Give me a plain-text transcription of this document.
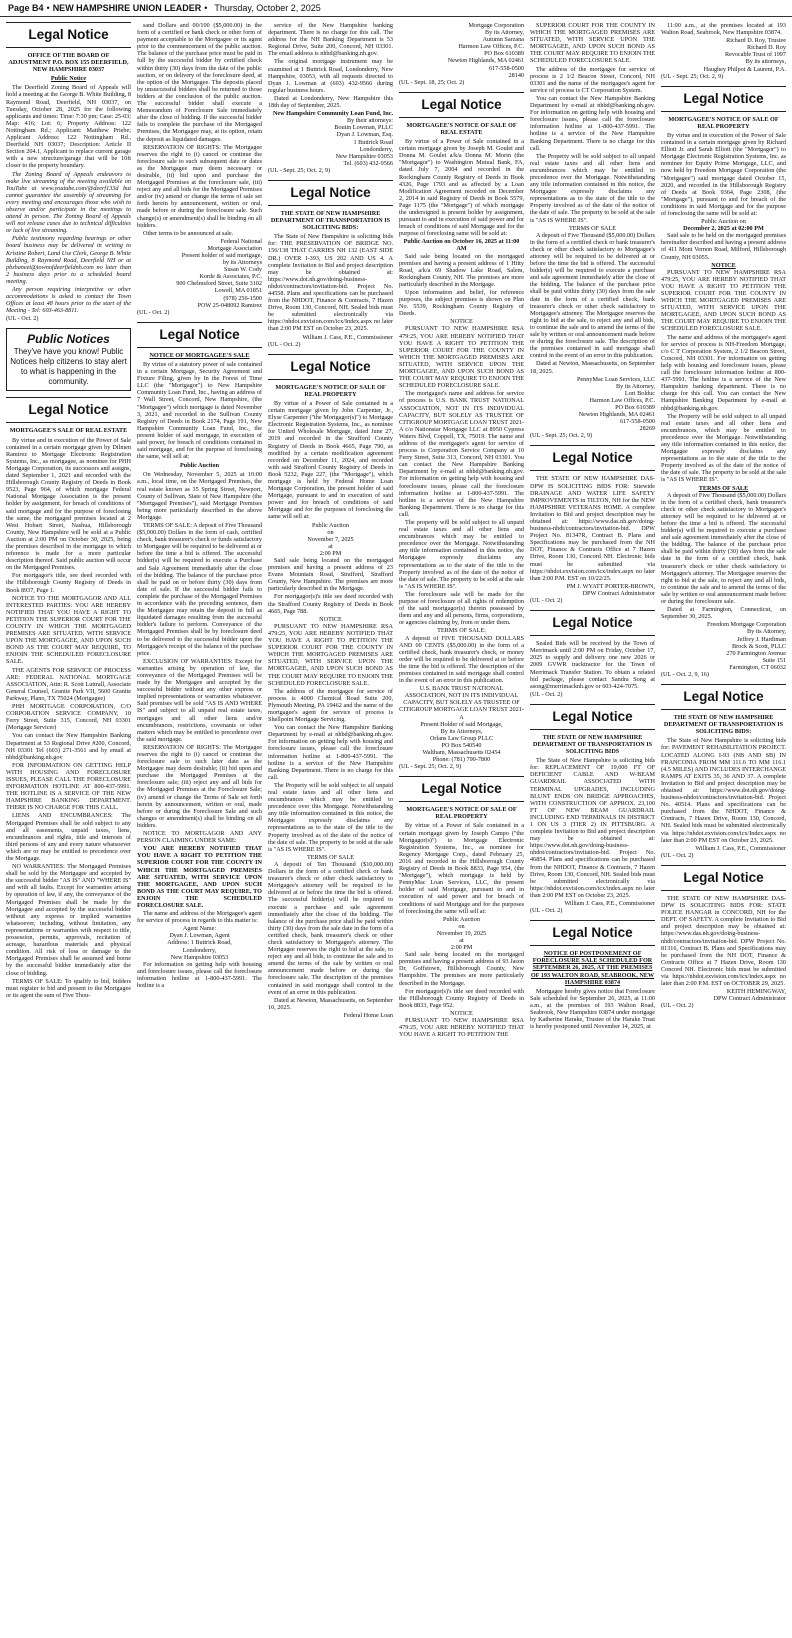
Page B4 • NEW HAMPSHIRE UNION LEADER • Thursday, October 2, 2025
Legal Notice
OFFICE OF THE BOARD OF ADJUSTMENT P.O. BOX 155 DEERFIELD, NEW HAMPSHIRE 03037
Public Notice

The Deerfield Zoning Board of Appeals will hold a meeting at the George B. White Building, 8 Raymond Road, Deerfield, NH 03037, on Tuesday, October 28, 2025 for the following applicants and times: Time: 7:30 pm; Case: 25-03; Map: 416; Lot: 6; Property Address: 122 Nottingham Rd.; Applicant: Matthew Priebe; Applicant Address: 122 Nottingham Rd., Deerfield NH 03037; Description: Article II Section 204.1, Applicant to replace current garage with a new structure/garage that will be 10ft closer to the property boundary.

The Zoning Board of Appeals endeavors to make live streaming of the meeting available on YouTube at www.youtube.com/@deerf133d but cannot guarantee the assembly of streaming for every meeting and encourages those who wish to observe and/or participate in the meetings to attend in person. The Zoning Board of Appeals will not release cases due to technical difficulties or lack of live streaming.

Public testimony regarding hearings or other board business may be delivered in writing to Kristine Robert, Land Use Clerk, George B. White Building, 8 Raymond Road, Deerfield NH or at pbzhaneet@townofdeerfieldnh.com no later than 2 business days prior to a scheduled board meeting.

Any person requiring interpretive or other accommodations is asked to contact the Town Offices at least 48 hours prior to the start of the Meeting - Tel: 603-463-8811.

(UL - Oct. 2)
Public Notices
They've have you know! Public Notices help citizens to stay alert to what is happening in the community.
Legal Notice
MORTGAGEE'S SALE OF REAL ESTATE

By virtue and in execution of the Power of Sale contained in a certain mortgage given by Dilmen Ramirez to Mortgage Electronic Registration Systems, Inc., as mortgagee, as nominee for PHH Mortgage Corporation, its successors and assigns, dated September 1, 2021 and recorded with the Hillsborough County Registry of Deeds in Book 9523, Page 964, of which mortgage Federal National Mortgage Association is the present holder by assignment, for breach of conditions of said mortgage and for the purpose of foreclosing the same, the mortgaged premises located at 2 West Hobart Street, Nashua, Hillsborough County, New Hampshire will be sold at a Public Auction at 2:00 PM on October 30, 2025, being the premises described in the mortgage to which reference is made for a more particular description thereof. Said public auction will occur on the Mortgaged Premises.

For mortgagor's title, see deed recorded with the Hillsborough County Registry of Deeds in Book 8937, Page 1.

NOTICE TO THE MORTGAGOR AND ALL INTERESTED PARTIES: YOU ARE HEREBY NOTIFIED THAT YOU HAVE A RIGHT TO PETITION THE SUPERIOR COURT FOR THE COUNTY IN WHICH THE MORTGAGED PREMISES ARE SITUATED, WITH SERVICE UPON THE MORTGAGEE, AND UPON SUCH BOND AS THE COURT MAY REQUIRE, TO ENJOIN THE SCHEDULED FORECLOSURE SALE.

THE AGENTS FOR SERVICE OF PROCESS ARE: FEDERAL NATIONAL MORTGAGE ASSOCIATION, Attn: R. Scott Luttrall, Associate General Counsel, Granite Park VII, 5600 Granite Parkway, Plano, TX 75024 (Mortgagee)

PHH MORTGAGE CORPORATION, C/O CORPORATION SERVICE COMPANY, 10 Ferry Street, Suite 315, Concord, NH 03301 (Mortgage Servicer)

You can contact the New Hampshire Banking Department at 53 Regional Drive #200, Concord, NH 03301 Tel (603) 271-3561 and by email at nhbd@banking.nh.gov

FOR INFORMATION ON GETTING HELP WITH HOUSING AND FORECLOSURE ISSUES, PLEASE CALL THE FORECLOSURE INFORMATION HOTLINE AT 800-437-5991. THE HOTLINE IS A SERVICE OF THE NEW HAMPSHIRE BANKING DEPARTMENT. THERE IS NO CHARGE FOR THIS CALL.

LIENS AND ENCUMBRANCES: The Mortgaged Premises shall be sold subject to any and all easements, unpaid taxes, liens, encumbrances and rights, title and interests of third persons of any and every nature whatsoever which are or may be entitled to precedence over the Mortgage.

NO WARRANTIES: The Mortgaged Premises shall be sold by the Mortgagee and accepted by the successful bidder "AS IS" AND "WHERE IS" and with all faults. Except for warranties arising by operation of law, if any, the conveyance of the Mortgaged Premises shall be made by the Mortgagee and accepted by the successful bidder without any express or implied warranties whatsoever, including, without limitation, any representations or warranties with respect to title, possession, permits, approvals, recitation of acreage, hazardous materials and physical condition. All risk of loss or damage to the Mortgaged Premises shall be assumed and borne by the successful bidder immediately after the close of bidding.

TERMS OF SALE: To qualify to bid, bidders must register to bid and present to the Mortgagee or its agent the sum of Five Thou-

sand Dollars and 00/100 ($5,000.00) in the form of a certified or bank check or other form of payment acceptable to the Mortgagee or its agent prior to the commencement of the public auction. The balance of the purchase price must be paid in full by the successful bidder by certified check within thirty (30) days from the date of the public auction, or on delivery of the foreclosure deed, at the option of the Mortgagee. The deposits placed by unsuccessful bidders shall be returned to those bidders at the conclusion of the public auction. The successful bidder shall execute a Memorandum of Foreclosure Sale immediately after the close of bidding. If the successful bidder fails to complete the purchase of the Mortgaged Premises, the Mortgagee may, at its option, retain the deposit as liquidated damages.

RESERVATION OF RIGHTS: The Mortgagee reserves the right to (i) cancel or continue the foreclosure sale to such subsequent date or dates as the Mortgagee may deem necessary or desirable, (ii) bid upon and purchase the Mortgaged Premises at the foreclosure sale, (iii) reject any and all bids for the Mortgaged Premises and/or (iv) amend or change the terms of sale set forth herein by announcement, written or oral, made before or during the foreclosure sale. Such change(s) or amendment(s) shall be binding on all bidders.

Other terms to be announced at sale.

Federal National
Mortgage Association
Present holder of said mortgage,
by its Attorneys
Susan W. Cody
Korde & Associates, P.C.
900 Chelmsford Street, Suite 3102
Lowell, MA 01851
(978) 256-1500
POW 25-048092 Ramirez
(UL - Oct. 2)
Legal Notice
NOTICE OF MORTGAGEE'S SALE

By virtue of a statutory power of sale contained in a certain Mortgage, Security Agreement and Fixture Filing, given by In the Forest of Time LLC (the "Mortgagor") to New Hampshire Community Loan Fund, Inc., having an address of 7 Wall Street, Concord, New Hampshire, (the "Mortgagee") which mortgage is dated November 3, 2021, and recorded in the Sullivan County Registry of Deeds in Book 2174, Page 191, New Hampshire Community Loan Fund, Inc., the present holder of said mortgage, in execution of said power, for breach of conditions contained in said mortgage, and for the purpose of foreclosing the same, will sell at:

Public Auction

On Wednesday, November 5, 2025 at 10:00 a.m., local time, on the Mortgaged Premises, the real estate known as 35 Spring Street, Newport, County of Sullivan, State of New Hampshire (the "Mortgaged Premises"), said Mortgage Premises being more particularly described in the above Mortgage.

TERMS OF SALE: A deposit of Five Thousand ($5,000.00) Dollars in the form of cash, certified check, bank treasurer's check or funds satisfactory to Mortgagee will be required to be delivered at or before the time a bid is offered. The successful bidder(s) will be required to execute a Purchase and Sale Agreement immediately after the close of the bidding. The balance of the purchase price shall be paid on or before thirty (30) days from date of sale. If the successful bidder fails to complete the purchase of the Mortgaged Premises in accordance with the preceding sentence, then the Mortgagee may retain the deposit in full as liquidated damages resulting from the successful bidder's failure to perform. Conveyance of the Mortgaged Premises shall be by foreclosure deed to be delivered to the successful bidder upon the Mortgagee's receipt of the balance of the purchase price.

EXCLUSION OF WARRANTIES: Except for warranties arising by operation of law, the conveyance of the Mortgaged Premises will be made by the Mortgagee and accepted by the successful bidder without any other express or implied representations or warranties whatsoever. Said premises will be sold "AS IS AND WHERE IS" and subject to all unpaid real estate taxes, mortgages and all other liens and/or encumbrances, restrictions, covenants or other matters which may be entitled to precedence over the said mortgage.

RESERVATION OF RIGHTS: The Mortgagee reserves the right to (i) cancel or continue the foreclosure sale to such later date as the Mortgagee may deem desirable; (ii) bid upon and purchase the Mortgaged Premises at the foreclosure sale; (iii) reject any and all bids for the Mortgaged Premises at the Foreclosure Sale; (iv) amend or change the Terms of Sale set forth herein by announcement, written or oral, made before or during the Foreclosure Sale and such changes or amendment(s) shall be binding on all bidders.

NOTICE TO MORTGAGOR AND ANY PERSON CLAIMING UNDER SAME:

YOU ARE HEREBY NOTIFIED THAT YOU HAVE A RIGHT TO PETITION THE SUPERIOR COURT FOR THE COUNTY IN WHICH THE MORTGAGED PREMISES ARE SITUATED, WITH SERVICE UPON THE MORTGAGEE, AND UPON SUCH BOND AS THE COURT MAY REQUIRE, TO ENJOIN THE SCHEDULED FORECLOSURE SALE.

The name and address of the Mortgagee's agent for service of process in regards to this matter is:

Agent Name:
Dyan J. Lowman, Agent
Address: 1 Buttrick Road,
Londonderry,
New Hampshire 03053

For information on getting help with housing and foreclosure issues, please call the foreclosure information hotline at 1-800-437-5991. The hotline is a

service of the New Hampshire banking department. There is no charge for this call. The address for the NH Banking Department is 53 Regional Drive, Suite 200, Concord, NH 03301. The email address is nhbd@banking.nh.gov.

The original mortgage instrument may be examined at 1 Buttrick Road, Londonderry, New Hampshire, 03053, with all requests directed to Dyan J. Lowman at (603) 432-9566 during regular business hours.

Dated at Londonderry, New Hampshire this 18th day of September, 2025.

New Hampshire Community Loan Fund, Inc.
By their attorneys:
Boutin Lowman, PLLC
Dyan J. Lowman, Esq.
1 Buttrick Road
Londonderry,
New Hampshire 03053
Tel. (603) 432-9566
(UL - Sept. 25; Oct. 2, 9)
Legal Notice
THE STATE OF NEW HAMPSHIRE DEPARTMENT OF TRANSPORTATION IS SOLICITING BIDS:

The State of New Hampshire is soliciting bids for: THE PRESERVATION OF BRIDGE NO. 156/138 THAT CARRIES NH 132 (EAST SIDE DR.) OVER I-393, US 202 AND US 4. A complete Invitation to Bid and project description may be obtained at: https://www.dot.nh.gov/doing-business-nhdot/contractors/invitation-bid. Project No. 44558. Plans and specifications can be purchased from the NHDOT, Finance & Contracts, 7 Hazen Drive, Room 130, Concord, NH. Sealed bids must be submitted electronically via https://nhdot.exvision.com/icx/Index.aspx no later than 2:00 PM EST on October 23, 2025.

William J. Cass, P.E., Commissioner
(UL - Oct. 2)
Legal Notice
MORTGAGEE'S NOTICE OF SALE OF REAL PROPERTY

By virtue of a Power of Sale contained in a certain mortgage given by John Carpenter, Jr., Elyse Carpenter ("the Mortgagor(s)") to Mortgage Electronic Registration Systems, Inc., as nominee for United Wholesale Mortgage, dated June 27, 2019 and recorded in the Strafford County Registry of Deeds in Book 4665, Page 790, as modified by a certain modification agreement recorded on December 11, 2024, and recorded with said Strafford County Registry of Deeds in Book 5232, Page 227, (the "Mortgage"), which mortgage is held by Federal Home Loan Mortgage Corporation, the present holder of said Mortgage, pursuant to and in execution of said power and for breach of conditions of said Mortgage and for the purposes of foreclosing the same will sell at:

Public Auction
on
November 7, 2025
at
2:00 PM

Said sale being located on the mortgaged premises and having a present address of 23 Evans Mountain Road, Strafford, Strafford County, New Hampshire. The premises are more particularly described in the Mortgage.

For mortgagor(s)'s title see deed recorded with the Strafford County Registry of Deeds in Book 4665, Page 788.

NOTICE

PURSUANT TO NEW HAMPSHIRE RSA 479:25, YOU ARE HEREBY NOTIFIED THAT YOU HAVE A RIGHT TO PETITION THE SUPERIOR COURT FOR THE COUNTY IN WHICH THE MORTGAGED PREMISES ARE SITUATED, WITH SERVICE UPON THE MORTGAGEE, AND UPON SUCH BOND AS THE COURT MAY REQUIRE TO ENJOIN THE SCHEDULED FORECLOSURE SALE.

The address of the mortgagee for service of process is 4000 Chemical Road Suite 200, Plymouth Meeting, PA 19462 and the name of the mortgagee's agent for service of process is Shellpoint Mortgage Servicing.

You can contact the New Hampshire Banking Department by e-mail at nhbd@banking.nh.gov. For information on getting help with housing and foreclosure issues, please call the foreclosure information hotline at 1-800-437-5991. The hotline is a service of the New Hampshire Banking Department. There is no charge for this call.

The Property will be sold subject to all unpaid real estate taxes and all other liens and encumbrances which may be entitled to precedence over this Mortgage. Notwithstanding any title information contained in this notice, the Mortgagee expressly disclaims any representations as to the state of the title to the Property involved as of the date of the notice of the date of sale. The property to be sold at the sale is "AS IS WHERE IS".

TERMS OF SALE

A deposit of Ten Thousand ($10,000.00) Dollars in the form of a certified check or bank treasurer's check or other check satisfactory to Mortgagee's attorney will be required to be delivered at or before the time the bid is offered. The successful bidder(s) will be required to execute a purchase and sale agreement immediately after the close of the bidding. The balance of the purchase price shall be paid within thirty (30) days from the sale date in the form of a certified check, bank treasurer's check or other check satisfactory to Mortgagee's attorney. The Mortgagee reserves the right to bid at the sale, to reject any and all bids, to continue the sale and to amend the terms of the sale by written or oral announcement made before or during the foreclosure sale. The description of the premises contained in said mortgage shall control in the event of an error in this publication.

Dated at Newton, Massachusetts, on September 10, 2025.

Federal Home Loan
Mortgage Corporation
By its Attorney,
Autumn Sarzana
Harmon Law Offices, P.C.
PO Box 610389
Newton Highlands, MA 02461
617-558-0500
28140
(UL - Sept. 18, 25; Oct. 2)
Legal Notice
MORTGAGEE'S NOTICE OF SALE OF REAL ESTATE

By virtue of a Power of Sale contained in a certain mortgage given by Joseph M. Goulet and Donna M. Goulet a/k/a Donna M. Morin (the "Mortgagor") to Washington Mutual Bank, FA, dated July 7, 2004 and recorded in the Rockingham County Registry of Deeds in Book 4326, Page 1793 and as affected by a Loan Modification Agreement recorded on December 2, 2014 in said Registry of Deeds in Book 5579, Page 1175 (the "Mortgage") of which mortgage the undersigned is present holder by assignment, pursuant to and in execution of said power and for breach of conditions of said Mortgage and for the purpose of foreclosing same will be sold at:

Public Auction on October 16, 2025 at 11:00 AM

Said sale being located on the mortgaged premises and having a present address of 1 Hitty Road, a/k/a 69 Shadow Lake Road, Salem, Rockingham County, NH. The premises are more particularly described in the Mortgage.

Upon information and belief, for reference purposes, the subject premises is shown on Plan No. 5539, Rockingham County Registry of Deeds.

NOTICE

PURSUANT TO NEW HAMPSHIRE RSA 479:25, YOU ARE HEREBY NOTIFIED THAT YOU HAVE A RIGHT TO PETITION THE SUPERIOR COURT FOR THE COUNTY IN WHICH THE MORTGAGED PREMISES ARE SITUATED, WITH SERVICE UPON THE MORTGAGEE, AND UPON SUCH BOND AS THE COURT MAY REQUIRE TO ENJOIN THE SCHEDULED FORECLOSURE SALE.

The mortgagee's name and address for service of process is U.S. BANK TRUST NATIONAL ASSOCIATION, NOT IN ITS INDIVIDUAL CAPACITY, BUT SOLELY AS TRUSTEE OF CITIGROUP MORTGAGE LOAN TRUST 2021-A c/o Nationstar Mortgage LLC at 8950 Cypress Waters Blvd, Coppell, TX, 75019. The name and address of the mortgagee's agent for service of process is Corporation Service Company at 10 Ferry Street, Suite 313, Concord, NH 03301. You can contact the New Hampshire Banking Department by e-mail at nhbd@banking.nh.gov. For information on getting help with housing and foreclosure issues, please call the foreclosure information hotline at 1-800-437-5991. The hotline is a service of the New Hampshire Banking Department. There is no charge for this call.

The property will be sold subject to all unpaid real estate taxes and all other liens and encumbrances which may be entitled to precedence over the Mortgage. Notwithstanding any title information contained in this notice, the Mortgagee expressly disclaims any representations as to the state of the title to the Property involved as of the date of the notice of the date of sale. The property to be sold at the sale is "AS IS WHERE IS".

The foreclosure sale will be made for the purpose of foreclosure of all rights of redemption of the said mortgagor(s) therein possessed by them and any and all persons, firms, corporations, or agencies claiming by, from or under them.

TERMS OF SALE:

A deposit of FIVE THOUSAND DOLLARS AND 00 CENTS ($5,000.00) in the form of a certified check, bank treasurer's check, or money order will be required to be delivered at or before the time the bid is offered. The description of the premises contained in said mortgage shall control in the event of an error in this publication.

U.S. BANK TRUST NATIONAL ASSOCIATION, NOT IN ITS INDIVIDUAL CAPACITY, BUT SOLELY AS TRUSTEE OF CITIGROUP MORTGAGE LOAN TRUST 2021-A
Present Holder of said Mortgage,
By its Attorneys,
Orlans Law Group PLLC
PO Box 540540
Waltham, Massachusetts 02454
Phone: (781) 790-7800
(UL - Sept. 25; Oct. 2, 9)
Legal Notice
MORTGAGEE'S NOTICE OF SALE OF REAL PROPERTY

By virtue of a Power of Sale contained in a certain mortgage given by Joseph Campo ("the Mortgagor(s)") to Mortgage Electronic Registration Systems, Inc., as nominee for Regency Mortgage Corp., dated February 25, 2016 and recorded in the Hillsborough County Registry of Deeds in Book 8833, Page 954, (the "Mortgage"), which mortgage is held by PennyMac Loan Services, LLC, the present holder of said Mortgage, pursuant to and in execution of said power and for breach of conditions of said Mortgage and for the purposes of foreclosing the same will sell at:

Public Auction
on
November 19, 2025
at
2:00 PM

Said sale being located on the mortgaged premises and having a present address of 93 Jason Dr, Goffstown, Hillsborough County, New Hampshire. The premises are more particularly described in the Mortgage.

For mortgagor(s)'s title see deed recorded with the Hillsborough County Registry of Deeds in Book 8833, Page 952.

NOTICE

PURSUANT TO NEW HAMPSHIRE RSA 479:25, YOU ARE HEREBY NOTIFIED THAT YOU HAVE A RIGHT TO PETITION THE

SUPERIOR COURT FOR THE COUNTY IN WHICH THE MORTGAGED PREMISES ARE SITUATED, WITH SERVICE UPON THE MORTGAGEE, AND UPON SUCH BOND AS THE COURT MAY REQUIRE TO ENJOIN THE SCHEDULED FORECLOSURE SALE.

The address of the mortgagee for service of process is 2 1/2 Beacon Street, Concord, NH 03301 and the name of the mortgagee's agent for service of process is CT Corporation System.

You can contact the New Hampshire Banking Department by e-mail at nhbd@banking.nh.gov. For information on getting help with housing and foreclosure issues, please call the foreclosure information hotline at 1-800-437-5991. The hotline is a service of the New Hampshire Banking Department. There is no charge for this call.

The Property will be sold subject to all unpaid real estate taxes and all other liens and encumbrances which may be entitled to precedence over the Mortgage. Notwithstanding any title information contained in this notice, the Mortgagee expressly disclaims any representations as to the state of the title to the Property involved as of the date of the notice of the date of sale. The property to be sold at the sale is "AS IS WHERE IS".

TERMS OF SALE

A deposit of Five Thousand ($5,000.00) Dollars in the form of a certified check or bank treasurer's check or other check satisfactory to Mortgagee's attorney will be required to be delivered at or before the time the bid is offered. The successful bidder(s) will be required to execute a purchase and sale agreement immediately after the close of the bidding. The balance of the purchase price shall be paid within thirty (30) days from the sale date in the form of a certified check, bank treasurer's check or other check satisfactory to Mortgagee's attorney. The Mortgagee reserves the right to bid at the sale, to reject any and all bids, to continue the sale and to amend the terms of the sale by written or oral announcement made before or during the foreclosure sale. The description of the premises contained in said mortgage shall control in the event of an error in this publication.

Dated at Newton, Massachusetts, on September 18, 2025.

PennyMac Loan Services, LLC
By its Attorney,
Lori Bolduc
Harmon Law Offices, P.C.
PO Box 610389
Newton Highlands, MA 02461
617-558-0500
28269
(UL - Sept. 25; Oct. 2, 9)
Legal Notice

THE STATE OF NEW HAMPSHIRE DAS-DPW IS SOLICITING BIDS FOR: Sitewide DRAINAGE AND WATER LIFE SAFETY IMPROVEMENTS in TILTON, NH for the NEW HAMPSHIRE VETERANS HOME. A complete Invitation to Bid and project description may be obtained at: https://www.das.nh.gov/doing-business-nhdt/contractors/invitation-bid. DPW Project No. 81347R, Contract B. Plans and Specifications may be purchased from the NH DOT, Finance & Contracts Office at 7 Hazen Drive, Room 130, Concord NH. Electronic bids must be submitted via https://nhdot.exvision.com/icx/index.aspx no later than 2:00 P.M. EST on 10/22/25.

PM J. WYATT PORTER-BROWN,
DPW Contract Administrator
(UL - Oct. 2)
Legal Notice

Sealed Bids will be received by the Town of Merrimack until 2:00 PM on Friday, October 17, 2025 to supply and delivery one new 2026 or 2009 GVWR tracktractor for the Town of Merrimack Transfer Station. To obtain a related bid package, please contact Sandra Song at asong@merrimacknh.gov or 603-424-7075.

(UL - Oct. 2)
Legal Notice
THE STATE OF NEW HAMPSHIRE DEPARTMENT OF TRANSPORTATION IS SOLICITING BIDS

The State of New Hampshire is soliciting bids for: REPLACEMENT OF 19,000 FT OF DEFICIENT CABLE AND W-BEAM GUARDRAIL ASSOCIATED WITH TERMINAL UPGRADES, INCLUDING BLUNT ENDS ON BRIDGE APPROACHES, WITH CONSTRUCTION OF APPROX. 23,100 FT OF NEW BEAM GUARDRAIL INCLUDING END TERMINALS IN DISTRICT 1 ON US 3 (TIER 2) IN PITTSBURG. A complete Invitation to Bid and project description may be obtained at: https://www.dot.nh.gov/doing-business-nhdot/contractors/invitation-bid. Project No. 46854. Plans and specifications can be purchased from the NHDOT, Finance & Contracts, 7 Hazen Drive, Room 130, Concord, NH. Sealed bids must be submitted electronically via https://nhdot.exvision.com/icx/index.aspx no later than 2:00 PM EST on October 23, 2025.

William J. Cass, P.E., Commissioner
(UL - Oct. 2)
Legal Notice
NOTICE OF POSTPONEMENT OF FORECLOSURE SALE SCHEDULED FOR SEPTEMBER 26, 2025, AT THE PREMISES OF 193 WALTON ROAD, SEABROOK, NEW HAMPSHIRE 03874

Mortgagee hereby gives notice that Foreclosure Sale scheduled for September 26, 2025, at 11:00 a.m., at the premises of 193 Walton Road, Seabrook, New Hampshire 03874 under mortgage by Katherine Harake, Trustee of the Harake Trust is hereby postponed until November 14, 2025, at

11:00 a.m., at the premises located at 193 Walton Road, Seabrook, New Hampshire 03874.

Richard D. Roy, Trustee
Richard D. Roy
Revocable Trust of 1997
By its attorneys,
Haughey Philpot & Laurent, P.A.
(UL - Sept. 25; Oct. 2, 9)
Legal Notice
MORTGAGEE'S NOTICE OF SALE OF REAL PROPERTY

By virtue and in execution of the Power of Sale contained in a certain mortgage given by Richard Elliott Jr. and Sarah Elliott (the "Mortgagor") to Mortgage Electronic Registration Systems, Inc. as nominee for Equity Prime Mortgage, LLC, and now held by Freedom Mortgage Corporation (the "Mortgagee") said mortgage dated October 15, 2020, and recorded in the Hillsborough Registry of Deeds at Book 9364, Page 2308, (the "Mortgage"), pursuant to and for breach of the conditions in said Mortgage and for the purpose of foreclosing the same will be sold at:

Public Auction on
December 2, 2025 at 02:00 PM

Said sale to be held on the mortgaged premises hereinafter described and having a present address of 411 Mont Vernon Road, Milford, Hillsborough County, NH 03055.

NOTICE

PURSUANT TO NEW HAMPSHIRE RSA 479:25, YOU ARE HEREBY NOTIFIED THAT YOU HAVE A RIGHT TO PETITION THE SUPERIOR COURT FOR THE COUNTY IN WHICH THE MORTGAGED PREMISES ARE SITUATED, WITH SERVICE UPON THE MORTGAGEE, AND UPON SUCH BOND AS THE COURT MAY REQUIRE TO ENJOIN THE SCHEDULED FORECLOSURE SALE.

The name and address of the mortgagee's agent for service of process is NH-Freedom Mortgage, c/o C T Corporation System, 2 1/2 Beacon Street, Concord, NH 03301. For information on getting help with housing and foreclosure issues, please call the foreclosure information hotline at 800-437-5991. The hotline is a service of the New Hampshire banking department. There is no charge for this call. You can contact the New Hampshire Banking Department by e-mail at nhbd@banking.nh.gov.

The Property will be sold subject to all unpaid real estate taxes and all other liens and encumbrances, which may be entitled to precedence over the Mortgage. Notwithstanding any title information contained in this notice, the Mortgagee expressly disclaims any representations as to the state of the title to the Property involved as of the date of the notice of the date of sale. The property to be sold at the sale is "AS IS WHERE IS".

TERMS OF SALE

A deposit of Five Thousand ($5,000.00) Dollars in the form of a certified check, bank treasurer's check or other check satisfactory to Mortgagee's attorney will be required to be delivered at or before the time a bid is offered. The successful bidder(s) will be required to execute a purchase and sale agreement immediately after the close of the bidding. The balance of the purchase price shall be paid within thirty (30) days from the sale date in the form of a certified check, bank treasurer's check or other check satisfactory to Mortgagee's attorney. The Mortgagee reserves the right to bid at the sale, to reject any and all bids, to continue the sale and to amend the terms of the sale by written or oral announcement made before or during the foreclosure sale.

Dated at Farmington, Connecticut, on September 30, 2025.

Freedom Mortgage Corporation
By its Attorney,
Jeffrey J. Hardiman
Brock & Scott, PLLC
270 Farmington Avenue
Suite 151
Farmington, CT 06032
(UL - Oct. 2, 9, 16)
Legal Notice
THE STATE OF NEW HAMPSHIRE DEPARTMENT OF TRANSPORTATION IS SOLICITING BIDS:

The State of New Hampshire is soliciting bids for: PAVEMENT REHABILITATION PROJECT. LOCATED ALONG I-93 (NB AND SB) IN FRANCONIA FROM MM 111.6 TO MM 116.1 (4.5 MILES) AND INCLUDES INTERCHANGE RAMPS AT EXITS 35, 36 AND 37. A complete Invitation to Bid and project description may be obtained at: https://www.dot.nh.gov/doing-business-nhdot/contractors/invitation-bid. Project No. 40514. Plans and specifications can be purchased from the NHDOT, Finance & Contracts, 7 Hazen Drive, Room 130, Concord, NH. Sealed bids must be submitted electronically via https://nhdot.exvision.com/icx/Index.aspx no later than 2:00 PM EST on October 23, 2025.

William J. Cass, P.E., Commissioner
(UL - Oct. 2)
Legal Notice

THE STATE OF NEW HAMPSHIRE DAS-DPW IS SOLICITING BIDS FOR: STATE POLICE HANGAR in CONCORD, NH for the DEPT. OF SAFETY. A complete Invitation to Bid and project description may be obtained at: https://www.das.nh.gov/doing-business-nhdt/contractors/invitation-bid. DPW Project No. 81316, Contract B. Plans and Specifications may be purchased from the NH DOT, Finance & Contracts Office at 7 Hazen Drive, Room 130 Concord NH. Electronic bids must be submitted via https://nhdot.exvision.com/icx/index.aspx no later than 2:00 P.M. EST on OCTOBER 29, 2025.

KEITH HEMINGWAY,
DPW Contract Administrator
(UL - Oct. 2)
